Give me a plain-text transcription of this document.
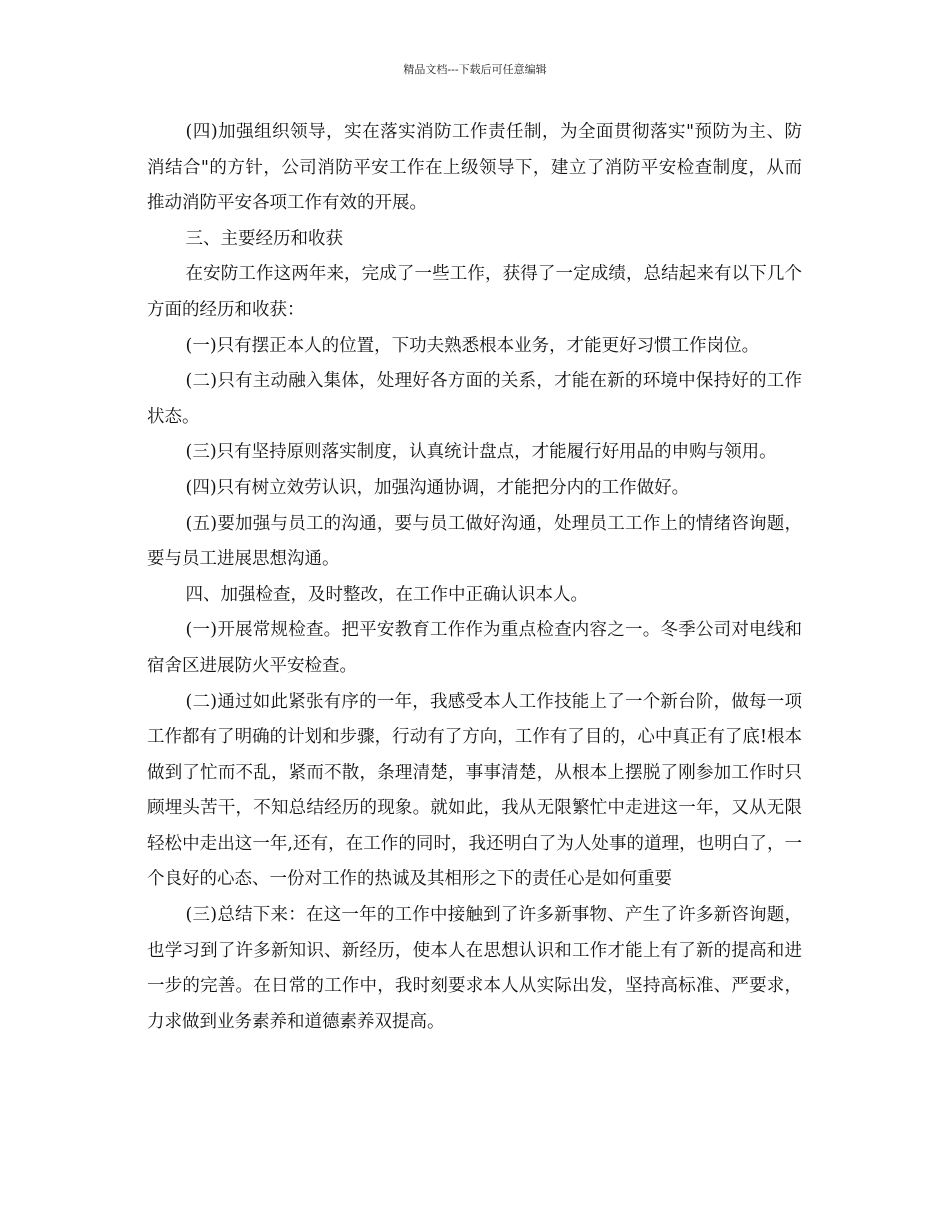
精品文档---下载后可任意编辑

(四)加强组织领导，实在落实消防工作责任制，为全面贯彻落实"预防为主、防消结合"的方针，公司消防平安工作在上级领导下，建立了消防平安检查制度，从而推动消防平安各项工作有效的开展。

三、主要经历和收获

在安防工作这两年来，完成了一些工作，获得了一定成绩，总结起来有以下几个方面的经历和收获：

(一)只有摆正本人的位置，下功夫熟悉根本业务，才能更好习惯工作岗位。

(二)只有主动融入集体，处理好各方面的关系，才能在新的环境中保持好的工作状态。

(三)只有坚持原则落实制度，认真统计盘点，才能履行好用品的申购与领用。

(四)只有树立效劳认识，加强沟通协调，才能把分内的工作做好。

(五)要加强与员工的沟通，要与员工做好沟通，处理员工工作上的情绪咨询题，要与员工进展思想沟通。

四、加强检查，及时整改，在工作中正确认识本人。

(一)开展常规检查。把平安教育工作作为重点检查内容之一。冬季公司对电线和宿舍区进展防火平安检查。

(二)通过如此紧张有序的一年，我感受本人工作技能上了一个新台阶，做每一项工作都有了明确的计划和步骤，行动有了方向，工作有了目的，心中真正有了底!根本做到了忙而不乱，紧而不散，条理清楚，事事清楚，从根本上摆脱了刚参加工作时只顾埋头苦干，不知总结经历的现象。就如此，我从无限繁忙中走进这一年，又从无限轻松中走出这一年,还有，在工作的同时，我还明白了为人处事的道理，也明白了，一个良好的心态、一份对工作的热诚及其相形之下的责任心是如何重要

(三)总结下来：在这一年的工作中接触到了许多新事物、产生了许多新咨询题，也学习到了许多新知识、新经历，使本人在思想认识和工作才能上有了新的提高和进一步的完善。在日常的工作中，我时刻要求本人从实际出发，坚持高标准、严要求，力求做到业务素养和道德素养双提高。
